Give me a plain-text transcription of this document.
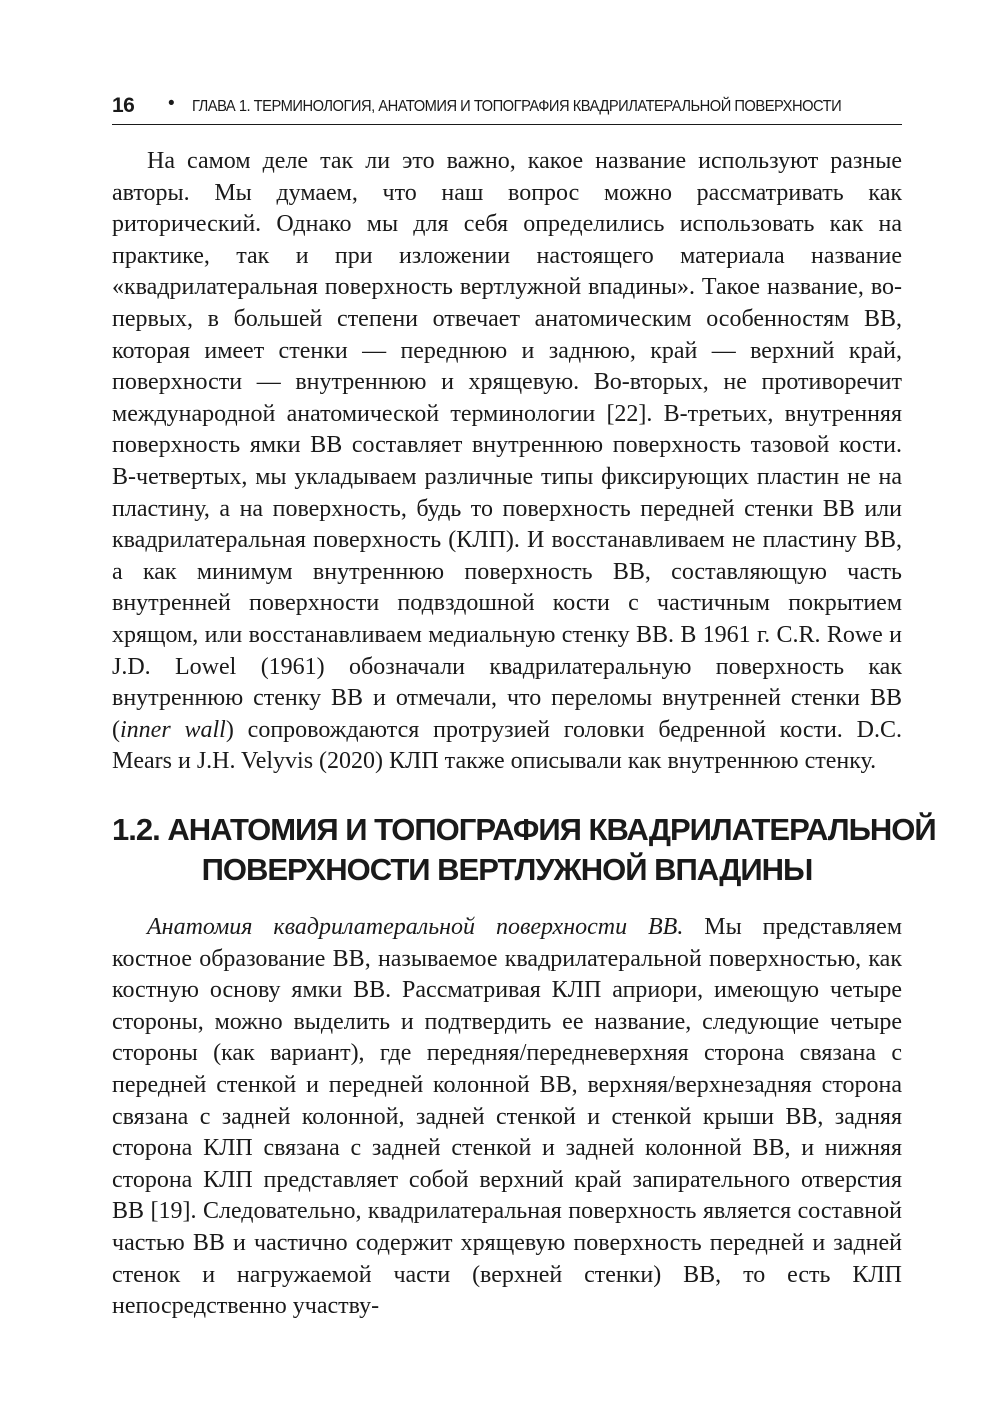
16 • ГЛАВА 1. ТЕРМИНОЛОГИЯ, АНАТОМИЯ И ТОПОГРАФИЯ КВАДРИЛАТЕРАЛЬНОЙ ПОВЕРХНОСТИ

На самом деле так ли это важно, какое название используют разные авторы. Мы думаем, что наш вопрос можно рассматривать как риторический. Однако мы для себя определились использовать как на практике, так и при изложении настоящего материала название «квадрилатеральная поверхность вертлужной впадины». Такое название, во-первых, в большей степени отвечает анатомическим особенностям ВВ, которая имеет стенки — переднюю и заднюю, край — верхний край, поверхности — внутреннюю и хрящевую. Во-вторых, не противоречит международной анатомической терминологии [22]. В-третьих, внутренняя поверхность ямки ВВ составляет внутреннюю поверхность тазовой кости. В-четвертых, мы укладываем различные типы фиксирующих пластин не на пластину, а на поверхность, будь то поверхность передней стенки ВВ или квадрилатеральная поверхность (КЛП). И восстанавливаем не пластину ВВ, а как минимум внутреннюю поверхность ВВ, составляющую часть внутренней поверхности подвздошной кости с частичным покрытием хрящом, или восстанавливаем медиальную стенку ВВ. В 1961 г. C.R. Rowe и J.D. Lowel (1961) обозначали квадрилатеральную поверхность как внутреннюю стенку ВВ и отмечали, что переломы внутренней стенки ВВ (inner wall) сопровождаются протрузией головки бедренной кости. D.C. Mears и J.H. Velyvis (2020) КЛП также описывали как внутреннюю стенку.

1.2. АНАТОМИЯ И ТОПОГРАФИЯ КВАДРИЛАТЕРАЛЬНОЙ
ПОВЕРХНОСТИ ВЕРТЛУЖНОЙ ВПАДИНЫ

Анатомия квадрилатеральной поверхности ВВ. Мы представляем костное образование ВВ, называемое квадрилатеральной поверхностью, как костную основу ямки ВВ. Рассматривая КЛП априори, имеющую четыре стороны, можно выделить и подтвердить ее название, следующие четыре стороны (как вариант), где передняя/передневерхняя сторона связана с передней стенкой и передней колонной ВВ, верхняя/верхнезадняя сторона связана с задней колонной, задней стенкой и стенкой крыши ВВ, задняя сторона КЛП связана с задней стенкой и задней колонной ВВ, и нижняя сторона КЛП представляет собой верхний край запирательного отверстия ВВ [19]. Следовательно, квадрилатеральная поверхность является составной частью ВВ и частично содержит хрящевую поверхность передней и задней стенок и нагружаемой части (верхней стенки) ВВ, то есть КЛП непосредственно участву-
